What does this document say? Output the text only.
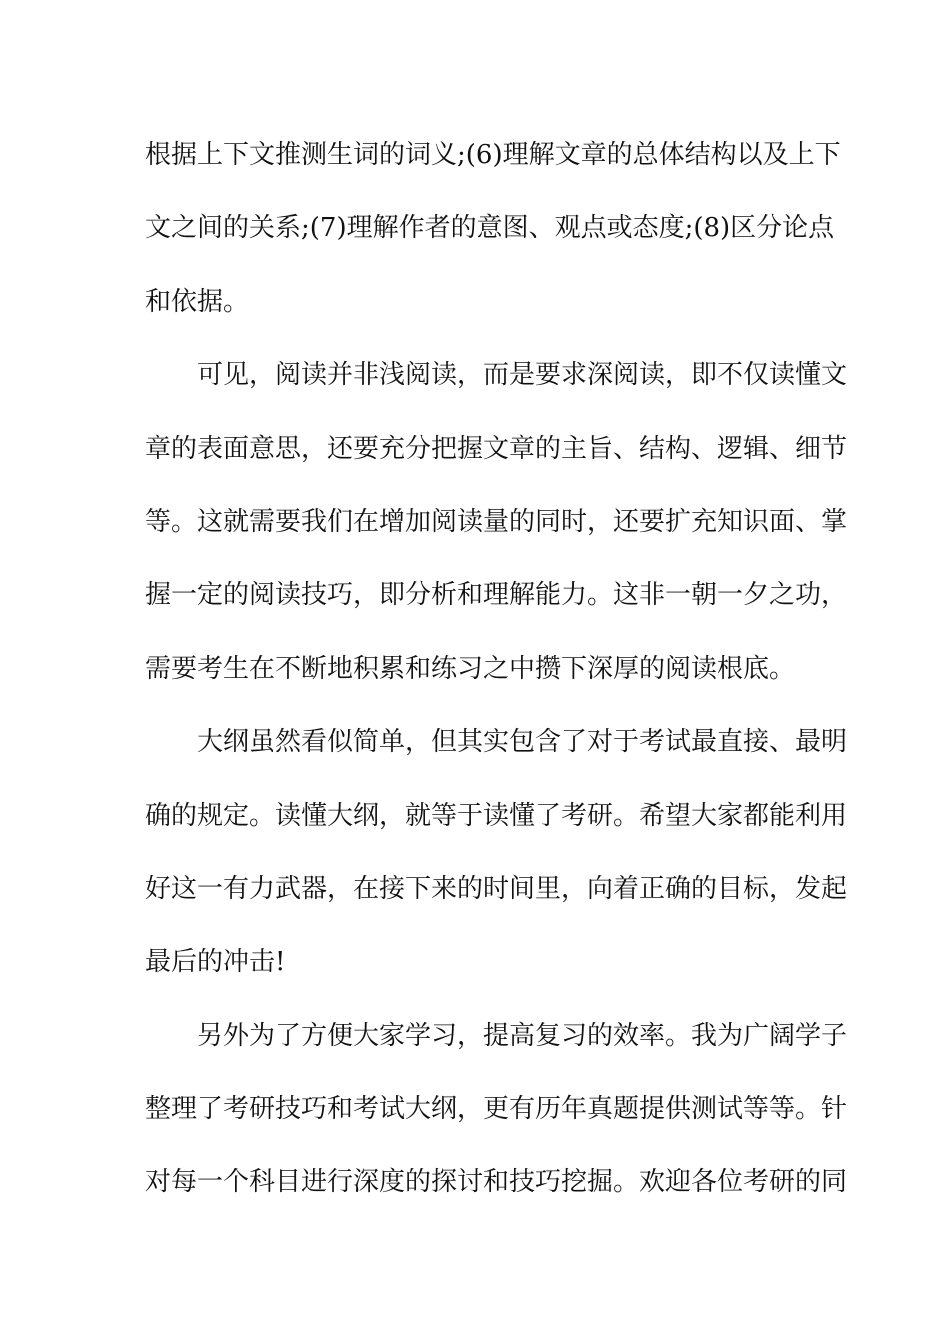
根据上下文推测生词的词义;(6)理解文章的总体结构以及上下
文之间的关系;(7)理解作者的意图、观点或态度;(8)区分论点
和依据。
可见，阅读并非浅阅读，而是要求深阅读，即不仅读懂文
章的表面意思，还要充分把握文章的主旨、结构、逻辑、细节
等。这就需要我们在增加阅读量的同时，还要扩充知识面、掌
握一定的阅读技巧，即分析和理解能力。这非一朝一夕之功，
需要考生在不断地积累和练习之中攒下深厚的阅读根底。
大纲虽然看似简单，但其实包含了对于考试最直接、最明
确的规定。读懂大纲，就等于读懂了考研。希望大家都能利用
好这一有力武器，在接下来的时间里，向着正确的目标，发起
最后的冲击!
另外为了方便大家学习，提高复习的效率。我为广阔学子
整理了考研技巧和考试大纲，更有历年真题提供测试等等。针
对每一个科目进行深度的探讨和技巧挖掘。欢迎各位考研的同
